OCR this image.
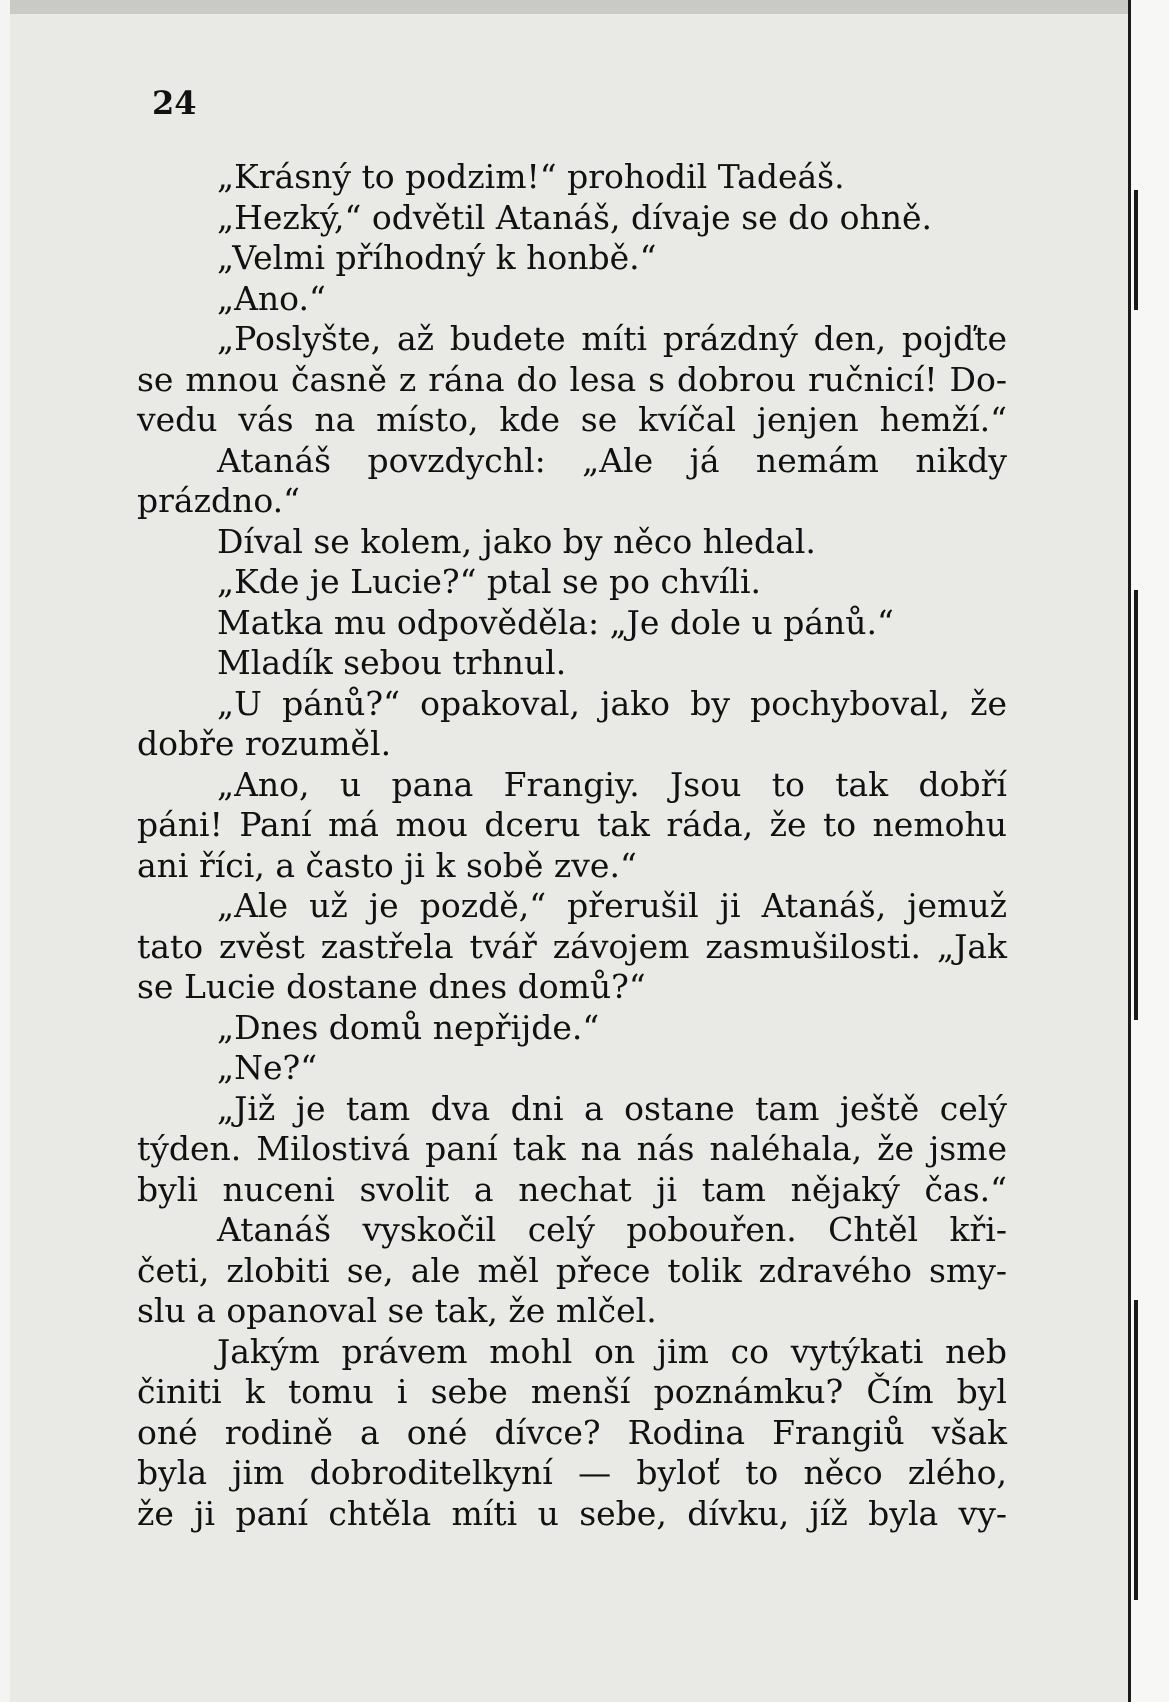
24
„Krásný to podzim!“ prohodil Tadeáš.
„Hezký,“ odvětil Atanáš, dívaje se do ohně.
„Velmi příhodný k honbě.“
„Ano.“
„Poslyšte, až budete míti prázdný den, pojďte
se mnou časně z rána do lesa s dobrou ručnicí! Do-
vedu vás na místo, kde se kvíčal jenjen hemží.“
Atanáš povzdychl: „Ale já nemám nikdy
prázdno.“
Díval se kolem, jako by něco hledal.
„Kde je Lucie?“ ptal se po chvíli.
Matka mu odpověděla: „Je dole u pánů.“
Mladík sebou trhnul.
„U pánů?“ opakoval, jako by pochyboval, že
dobře rozuměl.
„Ano, u pana Frangiy. Jsou to tak dobří
páni! Paní má mou dceru tak ráda, že to nemohu
ani říci, a často ji k sobě zve.“
„Ale už je pozdě,“ přerušil ji Atanáš, jemuž
tato zvěst zastřela tvář závojem zasmušilosti. „Jak
se Lucie dostane dnes domů?“
„Dnes domů nepřijde.“
„Ne?“
„Již je tam dva dni a ostane tam ještě celý
týden. Milostivá paní tak na nás naléhala, že jsme
byli nuceni svolit a nechat ji tam nějaký čas.“
Atanáš vyskočil celý pobouřen. Chtěl kři-
četi, zlobiti se, ale měl přece tolik zdravého smy-
slu a opanoval se tak, že mlčel.
Jakým právem mohl on jim co vytýkati neb
činiti k tomu i sebe menší poznámku? Čím byl
oné rodině a oné dívce? Rodina Frangiů však
byla jim dobroditelkyní — byloť to něco zlého,
že ji paní chtěla míti u sebe, dívku, jíž byla vy-
